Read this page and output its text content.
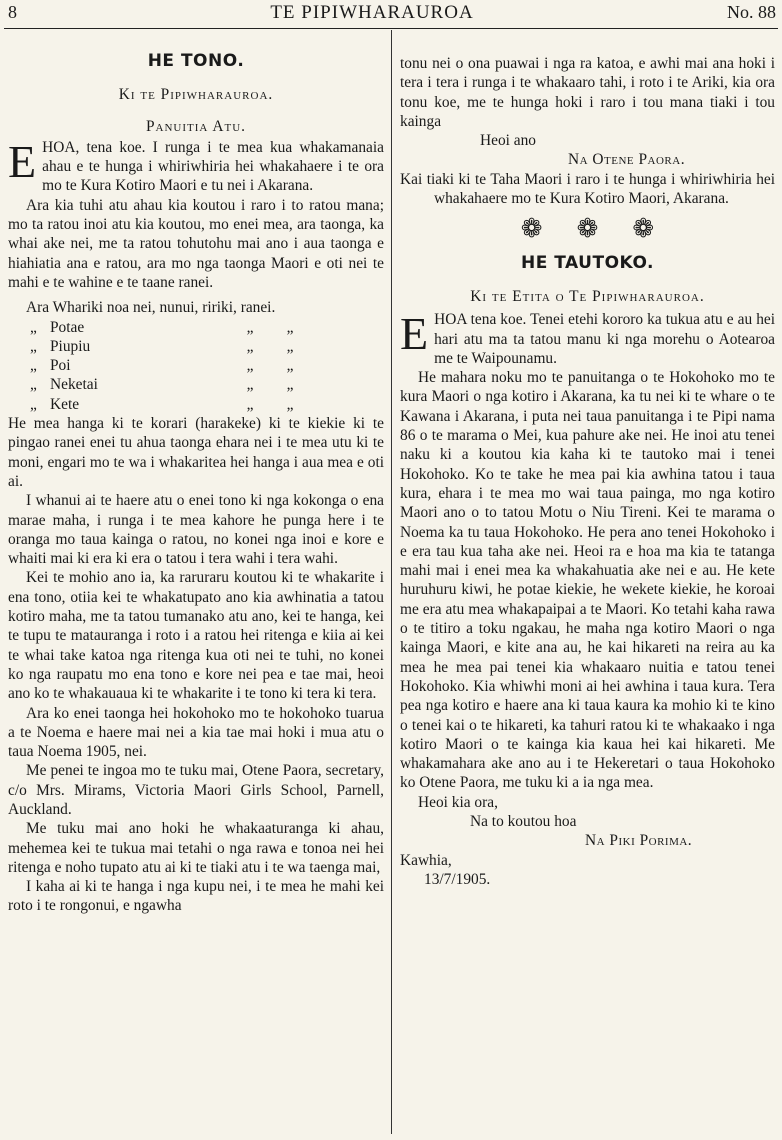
8	TE PIPIWHARAUROA	No. 88
HE TONO.

Ki te Pipiwharauroa.

Panuitia Atu.

EHOA, tena koe. I runga i te mea kua whakamanaia ahau e te hunga i whiriwhiria hei whakahaere i te ora mo te Kura Kotiro Maori e tu nei i Akarana.

Ara kia tuhi atu ahau kia koutou i raro i to ratou mana; mo ta ratou inoi atu kia koutou, mo enei mea, ara taonga, ka whai ake nei, me ta ratou tohutohu mai ano i aua taonga e hiahiatia ana e ratou, ara mo nga taonga Maori e oti nei te mahi e te wahine e te taane ranei.

Ara Whariki noa nei, nunui, ririki, ranei.

„ Potae	„	„
„ Piupiu	„	„
„ Poi	„	„
„ Neketai	„	„
„ Kete	„	„

He mea hanga ki te korari (harakeke) ki te kiekie ki te pingao ranei enei tu ahua taonga ehara nei i te mea utu ki te moni, engari mo te wa i whakaritea hei hanga i aua mea e oti ai.

I whanui ai te haere atu o enei tono ki nga kokonga o ena marae maha, i runga i te mea kahore he punga here i te oranga mo taua kainga o ratou, no konei nga inoi e kore e whaiti mai ki era ki era o tatou i tera wahi i tera wahi.

Kei te mohio ano ia, ka raruraru koutou ki te whakarite i ena tono, otiia kei te whakatupato ano kia awhinatia a tatou kotiro maha, me ta tatou tumanako atu ano, kei te hanga, kei te tupu te matauranga i roto i a ratou hei ritenga e kiia ai kei te whai take katoa nga ritenga kua oti nei te tuhi, no konei ko nga raupatu mo ena tono e kore nei pea e tae mai, heoi ano ko te whakauaua ki te whakarite i te tono ki tera ki tera.

Ara ko enei taonga hei hokohoko mo te hokohoko tuarua a te Noema e haere mai nei a kia tae mai hoki i mua atu o taua Noema 1905, nei.

Me penei te ingoa mo te tuku mai, Otene Paora, secretary, c/o Mrs. Mirams, Victoria Maori Girls School, Parnell, Auckland.

Me tuku mai ano hoki he whakaaturanga ki ahau, mehemea kei te tukua mai tetahi o nga rawa e tonoa nei hei ritenga e noho tupato atu ai ki te tiaki atu i te wa taenga mai,

I kaha ai ki te hanga i nga kupu nei, i te mea he mahi kei roto i te rongonui, e ngawha

tonu nei o ona puawai i nga ra katoa, e awhi mai ana hoki i tera i tera i runga i te whakaaro tahi, i roto i te Ariki, kia ora tonu koe, me te hunga hoki i raro i tou mana tiaki i tou kainga

Heoi ano

Na Otene Paora.

Kai tiaki ki te Taha Maori i raro i te hunga i whiriwhiria hei whakahaere mo te Kura Kotiro Maori, Akarana.

❁ ❁ ❁
HE TAUTOKO.

Ki te Etita o Te Pipiwharauroa.

EHOA tena koe. Tenei etehi kororo ka tukua atu e au hei hari atu ma ta tatou manu ki nga morehu o Aotearoa me te Waipounamu.

He mahara noku mo te panuitanga o te Hokohoko mo te kura Maori o nga kotiro i Akarana, ka tu nei ki te whare o te Kawana i Akarana, i puta nei taua panuitanga i te Pipi nama 86 o te marama o Mei, kua pahure ake nei. He inoi atu tenei naku ki a koutou kia kaha ki te tautoko mai i tenei Hokohoko. Ko te take he mea pai kia awhina tatou i taua kura, ehara i te mea mo wai taua painga, mo nga kotiro Maori ano o to tatou Motu o Niu Tireni. Kei te marama o Noema ka tu taua Hokohoko. He pera ano tenei Hokohoko i e era tau kua taha ake nei. Heoi ra e hoa ma kia te tatanga mahi mai i enei mea ka whakahuatia ake nei e au. He kete huruhuru kiwi, he potae kiekie, he wekete kiekie, he koroai me era atu mea whakapaipai a te Maori. Ko tetahi kaha rawa o te titiro a toku ngakau, he maha nga kotiro Maori o nga kainga Maori, e kite ana au, he kai hikareti na reira au ka mea he mea pai tenei kia whakaaro nuitia e tatou tenei Hokohoko. Kia whiwhi moni ai hei awhina i taua kura. Tera pea nga kotiro e haere ana ki taua kaura ka mohio ki te kino o tenei kai o te hikareti, ka tahuri ratou ki te whakaako i nga kotiro Maori o te kainga kia kaua hei kai hikareti. Me whakamahara ake ano au i te Hekeretari o taua Hokohoko ko Otene Paora, me tuku ki a ia nga mea.

Heoi kia ora,

Na to koutou hoa

Na Piki Porima.

Kawhia,

13/7/1905.
